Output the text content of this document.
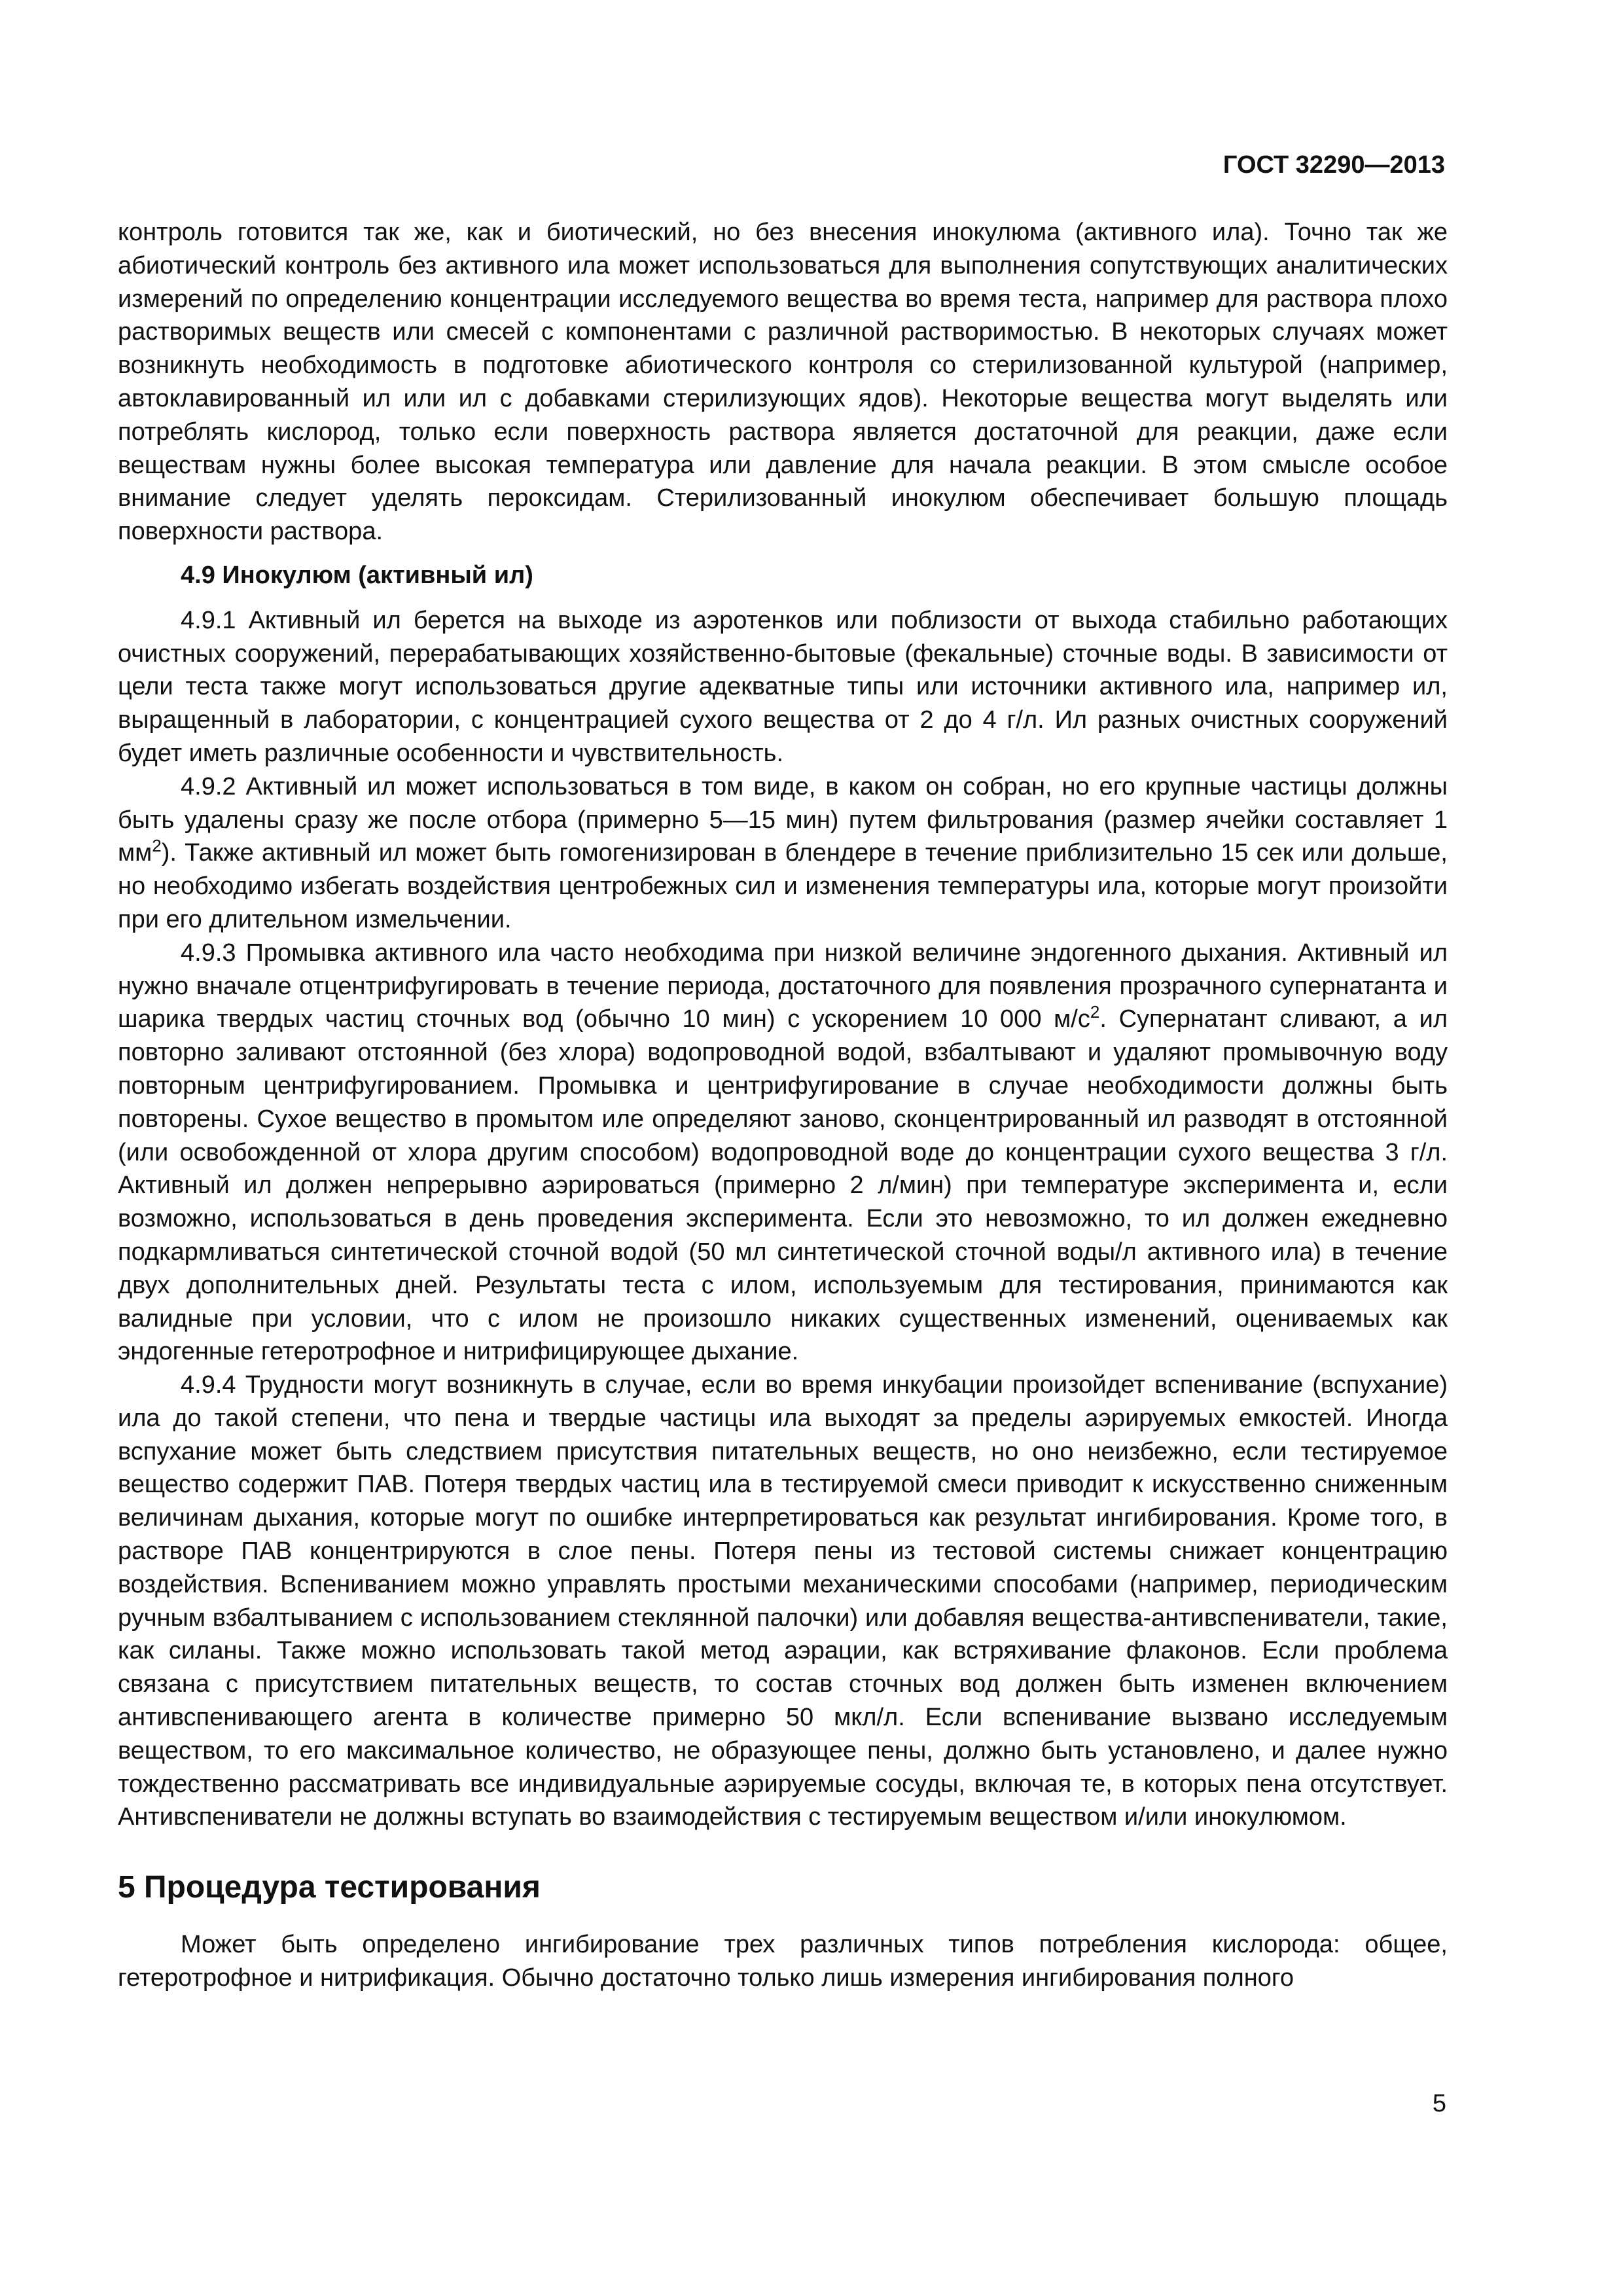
ГОСТ 32290—2013

контроль готовится так же, как и биотический, но без внесения инокулюма (активного ила). Точно так же абиотический контроль без активного ила может использоваться для выполнения сопутствующих аналитических измерений по определению концентрации исследуемого вещества во время теста, например для раствора плохо растворимых веществ или смесей с компонентами с различной растворимостью. В некоторых случаях может возникнуть необходимость в подготовке абиотического контроля со стерилизованной культурой (например, автоклавированный ил или ил с добавками стерилизующих ядов). Некоторые вещества могут выделять или потреблять кислород, только если поверхность раствора является достаточной для реакции, даже если веществам нужны более высокая температура или давление для начала реакции. В этом смысле особое внимание следует уделять пероксидам. Стерилизованный инокулюм обеспечивает большую площадь поверхности раствора.

4.9 Инокулюм (активный ил)

4.9.1 Активный ил берется на выходе из аэротенков или поблизости от выхода стабильно работающих очистных сооружений, перерабатывающих хозяйственно-бытовые (фекальные) сточные воды. В зависимости от цели теста также могут использоваться другие адекватные типы или источники активного ила, например ил, выращенный в лаборатории, с концентрацией сухого вещества от 2 до 4 г/л. Ил разных очистных сооружений будет иметь различные особенности и чувствительность.

4.9.2 Активный ил может использоваться в том виде, в каком он собран, но его крупные частицы должны быть удалены сразу же после отбора (примерно 5—15 мин) путем фильтрования (размер ячейки составляет 1 $мм^2$). Также активный ил может быть гомогенизирован в блендере в течение приблизительно 15 сек или дольше, но необходимо избегать воздействия центробежных сил и изменения температуры ила, которые могут произойти при его длительном измельчении.

4.9.3 Промывка активного ила часто необходима при низкой величине эндогенного дыхания. Активный ил нужно вначале отцентрифугировать в течение периода, достаточного для появления прозрачного супернатанта и шарика твердых частиц сточных вод (обычно 10 мин) с ускорением 10 000 $м/с^2$. Супернатант сливают, а ил повторно заливают отстоянной (без хлора) водопроводной водой, взбалтывают и удаляют промывочную воду повторным центрифугированием. Промывка и центрифугирование в случае необходимости должны быть повторены. Сухое вещество в промытом иле определяют заново, сконцентрированный ил разводят в отстоянной (или освобожденной от хлора другим способом) водопроводной воде до концентрации сухого вещества 3 г/л. Активный ил должен непрерывно аэрироваться (примерно 2 л/мин) при температуре эксперимента и, если возможно, использоваться в день проведения эксперимента. Если это невозможно, то ил должен ежедневно подкармливаться синтетической сточной водой (50 мл синтетической сточной воды/л активного ила) в течение двух дополнительных дней. Результаты теста с илом, используемым для тестирования, принимаются как валидные при условии, что с илом не произошло никаких существенных изменений, оцениваемых как эндогенные гетеротрофное и нитрифицирующее дыхание.

4.9.4 Трудности могут возникнуть в случае, если во время инкубации произойдет вспенивание (вспухание) ила до такой степени, что пена и твердые частицы ила выходят за пределы аэрируемых емкостей. Иногда вспухание может быть следствием присутствия питательных веществ, но оно неизбежно, если тестируемое вещество содержит ПАВ. Потеря твердых частиц ила в тестируемой смеси приводит к искусственно сниженным величинам дыхания, которые могут по ошибке интерпретироваться как результат ингибирования. Кроме того, в растворе ПАВ концентрируются в слое пены. Потеря пены из тестовой системы снижает концентрацию воздействия. Вспениванием можно управлять простыми механическими способами (например, периодическим ручным взбалтыванием с использованием стеклянной палочки) или добавляя вещества-антивспениватели, такие, как силаны. Также можно использовать такой метод аэрации, как встряхивание флаконов. Если проблема связана с присутствием питательных веществ, то состав сточных вод должен быть изменен включением антивспенивающего агента в количестве примерно 50 мкл/л. Если вспенивание вызвано исследуемым веществом, то его максимальное количество, не образующее пены, должно быть установлено, и далее нужно тождественно рассматривать все индивидуальные аэрируемые сосуды, включая те, в которых пена отсутствует. Антивспениватели не должны вступать во взаимодействия с тестируемым веществом и/или инокулюмом.

5 Процедура тестирования

Может быть определено ингибирование трех различных типов потребления кислорода: общее, гетеротрофное и нитрификация. Обычно достаточно только лишь измерения ингибирования полного

5
